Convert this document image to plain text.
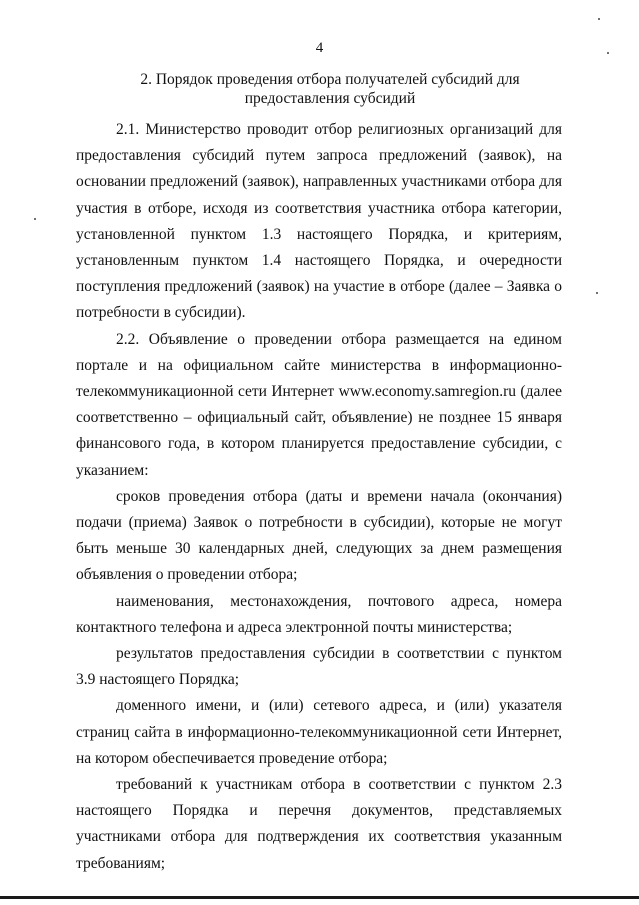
4
2. Порядок проведения отбора получателей субсидий для предоставления субсидий

2.1. Министерство проводит отбор религиозных организаций для предоставления субсидий путем запроса предложений (заявок), на основании предложений (заявок), направленных участниками отбора для участия в отборе, исходя из соответствия участника отбора категории, установленной пунктом 1.3 настоящего Порядка, и критериям, установленным пунктом 1.4 настоящего Порядка, и очередности поступления предложений (заявок) на участие в отборе (далее – Заявка о потребности в субсидии).

2.2. Объявление о проведении отбора размещается на едином портале и на официальном сайте министерства в информационно-телекоммуникационной сети Интернет www.economy.samregion.ru (далее соответственно – официальный сайт, объявление) не позднее 15 января финансового года, в котором планируется предоставление субсидии, с указанием:

сроков проведения отбора (даты и времени начала (окончания) подачи (приема) Заявок о потребности в субсидии), которые не могут быть меньше 30 календарных дней, следующих за днем размещения объявления о проведении отбора;

наименования, местонахождения, почтового адреса, номера контактного телефона и адреса электронной почты министерства;

результатов предоставления субсидии в соответствии с пунктом 3.9 настоящего Порядка;

доменного имени, и (или) сетевого адреса, и (или) указателя страниц сайта в информационно-телекоммуникационной сети Интернет, на котором обеспечивается проведение отбора;

требований к участникам отбора в соответствии с пунктом 2.3 настоящего Порядка и перечня документов, представляемых участниками отбора для подтверждения их соответствия указанным требованиям;
